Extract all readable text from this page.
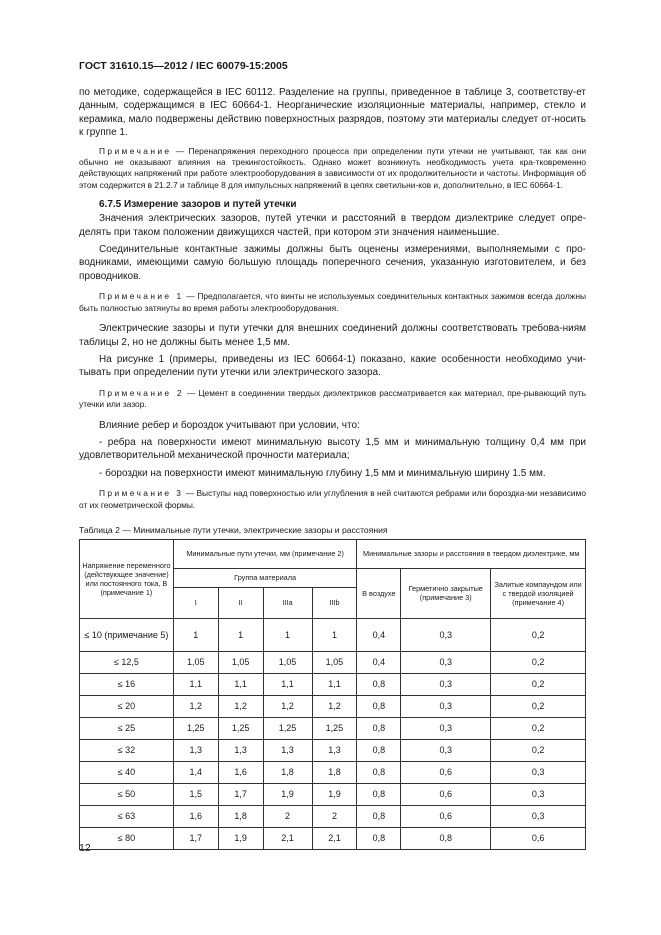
ГОСТ 31610.15—2012 / IEC 60079-15:2005

по методике, содержащейся в IEC 60112. Разделение на группы, приведенное в таблице 3, соответству-ет данным, содержащимся в IEC 60664-1. Неорганические изоляционные материалы, например, стекло и керамика, мало подвержены действию поверхностных разрядов, поэтому эти материалы следует от-носить к группе 1.

Примечание — Перенапряжения переходного процесса при определении пути утечки не учитывают, так как они обычно не оказывают влияния на трекингостойкость. Однако может возникнуть необходимость учета кра-тковременно действующих напряжений при работе электрооборудования в зависимости от их продолжительности и частоты. Информация об этом содержится в 21.2.7 и таблице 8 для импульсных напряжений в цепях светильни-ков и, дополнительно, в IEC 60664-1.

6.7.5 Измерение зазоров и путей утечки

Значения электрических зазоров, путей утечки и расстояний в твердом диэлектрике следует опре-делять при таком положении движущихся частей, при котором эти значения наименьшие.

Соединительные контактные зажимы должны быть оценены измерениями, выполняемыми с про-водниками, имеющими самую большую площадь поперечного сечения, указанную изготовителем, и без проводников.

Примечание 1 — Предполагается, что винты не используемых соединительных контактных зажимов всегда должны быть полностью затянуты во время работы электрооборудования.

Электрические зазоры и пути утечки для внешних соединений должны соответствовать требова-ниям таблицы 2, но не должны быть менее 1,5 мм.

На рисунке 1 (примеры, приведены из IEC 60664-1) показано, какие особенности необходимо учи-тывать при определении пути утечки или электрического зазора.

Примечание 2 — Цемент в соединении твердых диэлектриков рассматривается как материал, пре-рывающий путь утечки или зазор.

Влияние ребер и бороздок учитывают при условии, что:

- ребра на поверхности имеют минимальную высоту 1,5 мм и минимальную толщину 0,4 мм при удовлетворительной механической прочности материала;

- бороздки на поверхности имеют минимальную глубину 1,5 мм и минимальную ширину 1.5 мм.

Примечание 3 — Выступы над поверхностью или углубления в ней считаются ребрами или бороздка-ми независимо от их геометрической формы.

Таблица 2 — Минимальные пути утечки, электрические зазоры и расстояния
Напряжение переменного (действующее значение) или постоянного тока, В (примечание 1)	Минимальные пути утечки, мм (примечание 2)				Минимальные зазоры и расстояния в твердом диэлектрике, мм		
	Группа материала				В воздухе	Герметично закрытые (примечание 3)	Залитые компаундом или с твердой изоляцией (примечание 4)
	I	II	IIIa	IIIb			
≤ 10 (примечание 5)	1	1	1	1	0,4	0,3	0,2
≤ 12,5	1,05	1,05	1,05	1,05	0,4	0,3	0,2
≤ 16	1,1	1,1	1,1	1,1	0,8	0,3	0,2
≤ 20	1,2	1,2	1,2	1,2	0,8	0,3	0,2
≤ 25	1,25	1,25	1,25	1,25	0,8	0,3	0,2
≤ 32	1,3	1,3	1,3	1,3	0,8	0,3	0,2
≤ 40	1,4	1,6	1,8	1,8	0,8	0,6	0,3
≤ 50	1,5	1,7	1,9	1,9	0,8	0,6	0,3
≤ 63	1,6	1,8	2	2	0,8	0,6	0,3
≤ 80	1,7	1,9	2,1	2,1	0,8	0,8	0,6
12
